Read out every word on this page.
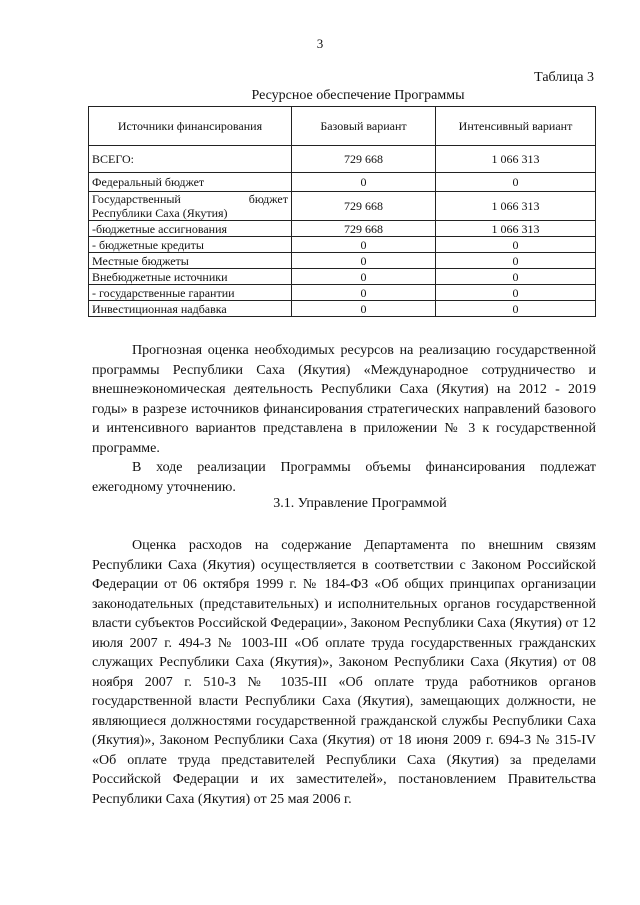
3
Таблица 3
Ресурсное обеспечение Программы
Источники финансирования	Базовый вариант	Интенсивный вариант
ВСЕГО:	729 668	1 066 313
Федеральный бюджет	0	0

Государственный бюджет
Республики Саха (Якутия)	729 668	1 066 313
-бюджетные ассигнования	729 668	1 066 313
- бюджетные кредиты	0	0
Местные бюджеты	0	0
Внебюджетные источники	0	0
- государственные гарантии	0	0
Инвестиционная надбавка	0	0

Прогнозная оценка необходимых ресурсов на реализацию государственной программы Республики Саха (Якутия) «Международное сотрудничество и внешнеэкономическая деятельность Республики Саха (Якутия) на 2012 - 2019 годы» в разрезе источников финансирования стратегических направлений базового и интенсивного вариантов представлена в приложении № 3 к государственной программе.

В ходе реализации Программы объемы финансирования подлежат ежегодному уточнению.

3.1. Управление Программой

Оценка расходов на содержание Департамента по внешним связям Республики Саха (Якутия) осуществляется в соответствии с Законом Российской Федерации от 06 октября 1999 г. № 184-ФЗ «Об общих принципах организации законодательных (представительных) и исполнительных органов государственной власти субъектов Российской Федерации», Законом Республики Саха (Якутия) от 12 июля 2007 г. 494-З № 1003-III «Об оплате труда государственных гражданских служащих Республики Саха (Якутия)», Законом Республики Саха (Якутия) от 08 ноября 2007 г. 510-З № 1035-III «Об оплате труда работников органов государственной власти Республики Саха (Якутия), замещающих должности, не являющиеся должностями государственной гражданской службы Республики Саха (Якутия)», Законом Республики Саха (Якутия) от 18 июня 2009 г. 694-З № 315-IV «Об оплате труда представителей Республики Саха (Якутия) за пределами Российской Федерации и их заместителей», постановлением Правительства Республики Саха (Якутия) от 25 мая 2006 г.
